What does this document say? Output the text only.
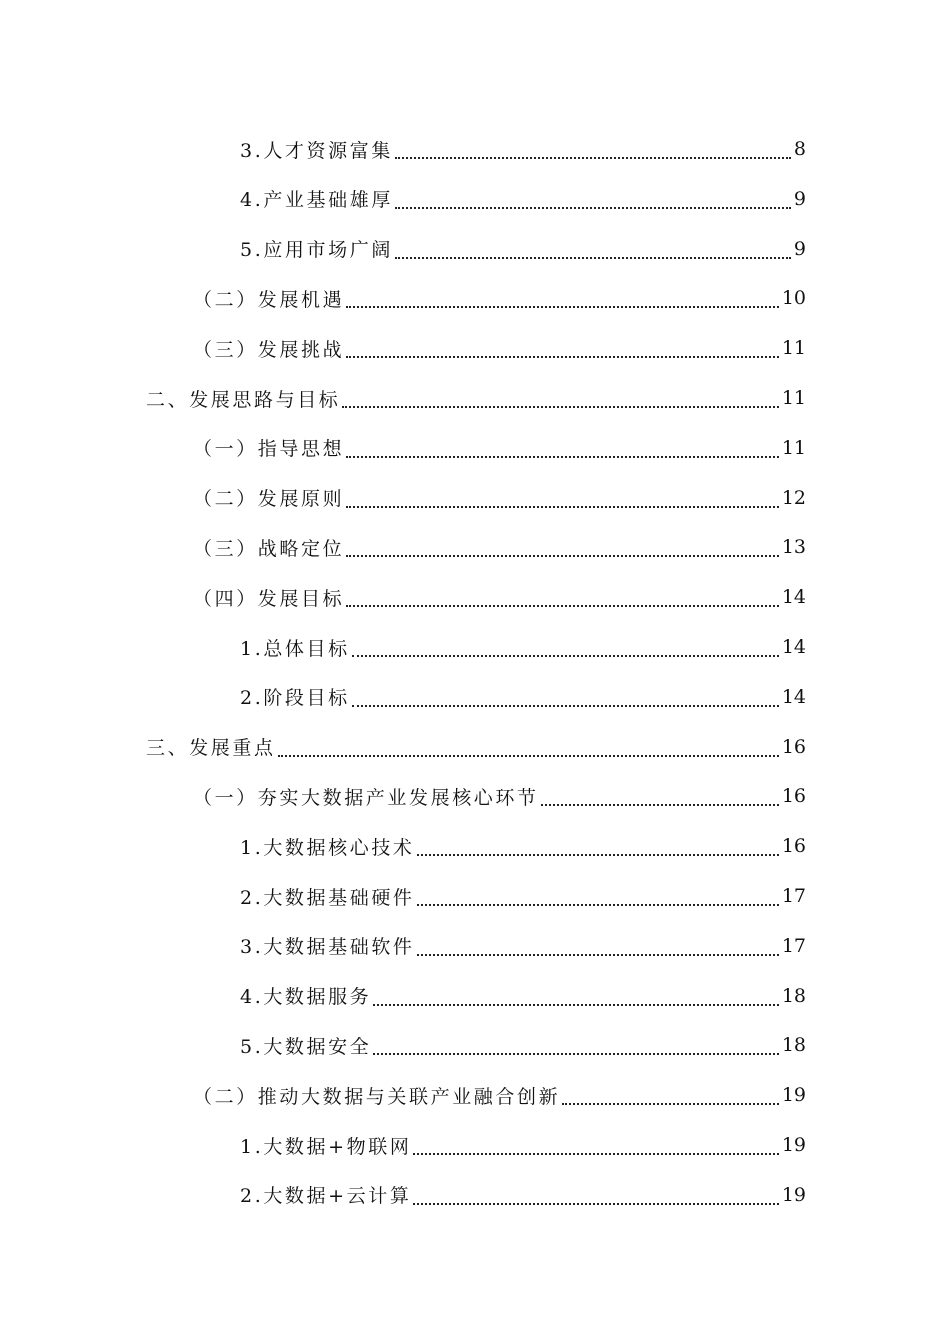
3.人才资源富集	8
4.产业基础雄厚	9
5.应用市场广阔	9
（二）发展机遇	10
（三）发展挑战	11
二、发展思路与目标	11
（一）指导思想	11
（二）发展原则	12
（三）战略定位	13
（四）发展目标	14
1.总体目标	14
2.阶段目标	14
三、发展重点	16
（一）夯实大数据产业发展核心环节	16
1.大数据核心技术	16
2.大数据基础硬件	17
3.大数据基础软件	17
4.大数据服务	18
5.大数据安全	18
（二）推动大数据与关联产业融合创新	19
1.大数据+物联网	19
2.大数据+云计算	19
